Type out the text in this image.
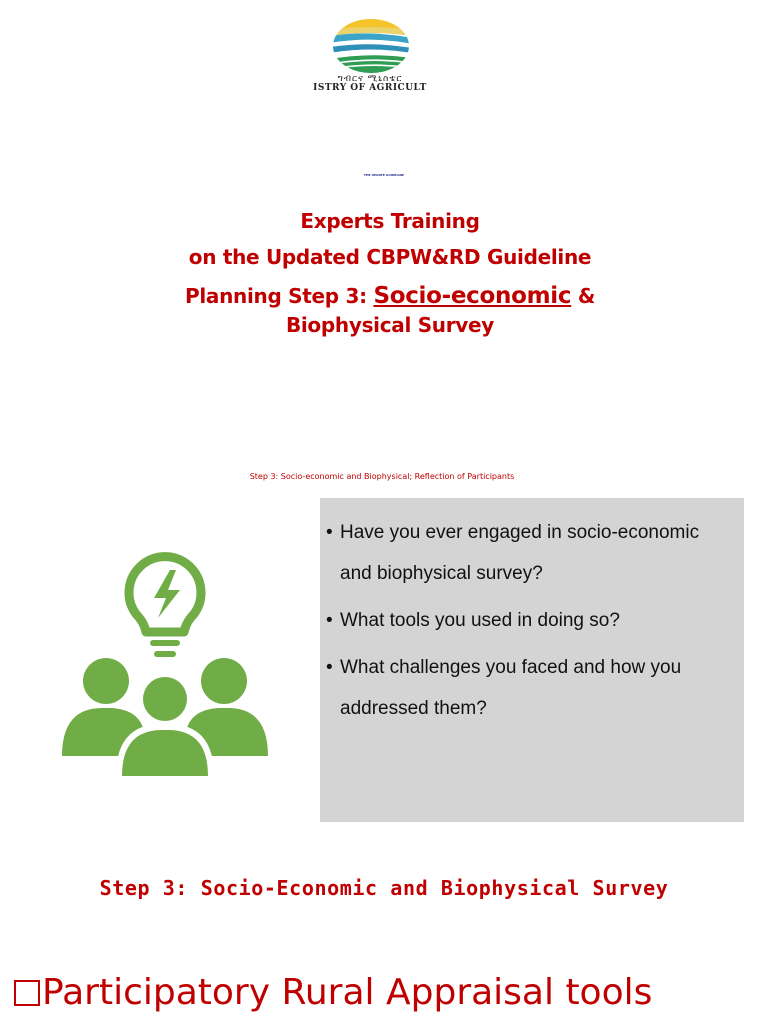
ግብርና ሚኒስቴር
ISTRY OF AGRICULT
THE UPDATE GUIDELINE
Experts Training
on the Updated CBPW&RD Guideline
Planning Step 3: Socio-economic & Biophysical Survey
Step 3: Socio-economic and Biophysical; Reflection of Participants
• Have you ever engaged in socio-economic and biophysical survey?
• What tools you used in doing so?
• What challenges you faced and how you addressed them?
Step 3: Socio-Economic and Biophysical Survey
Participatory Rural Appraisal tools
